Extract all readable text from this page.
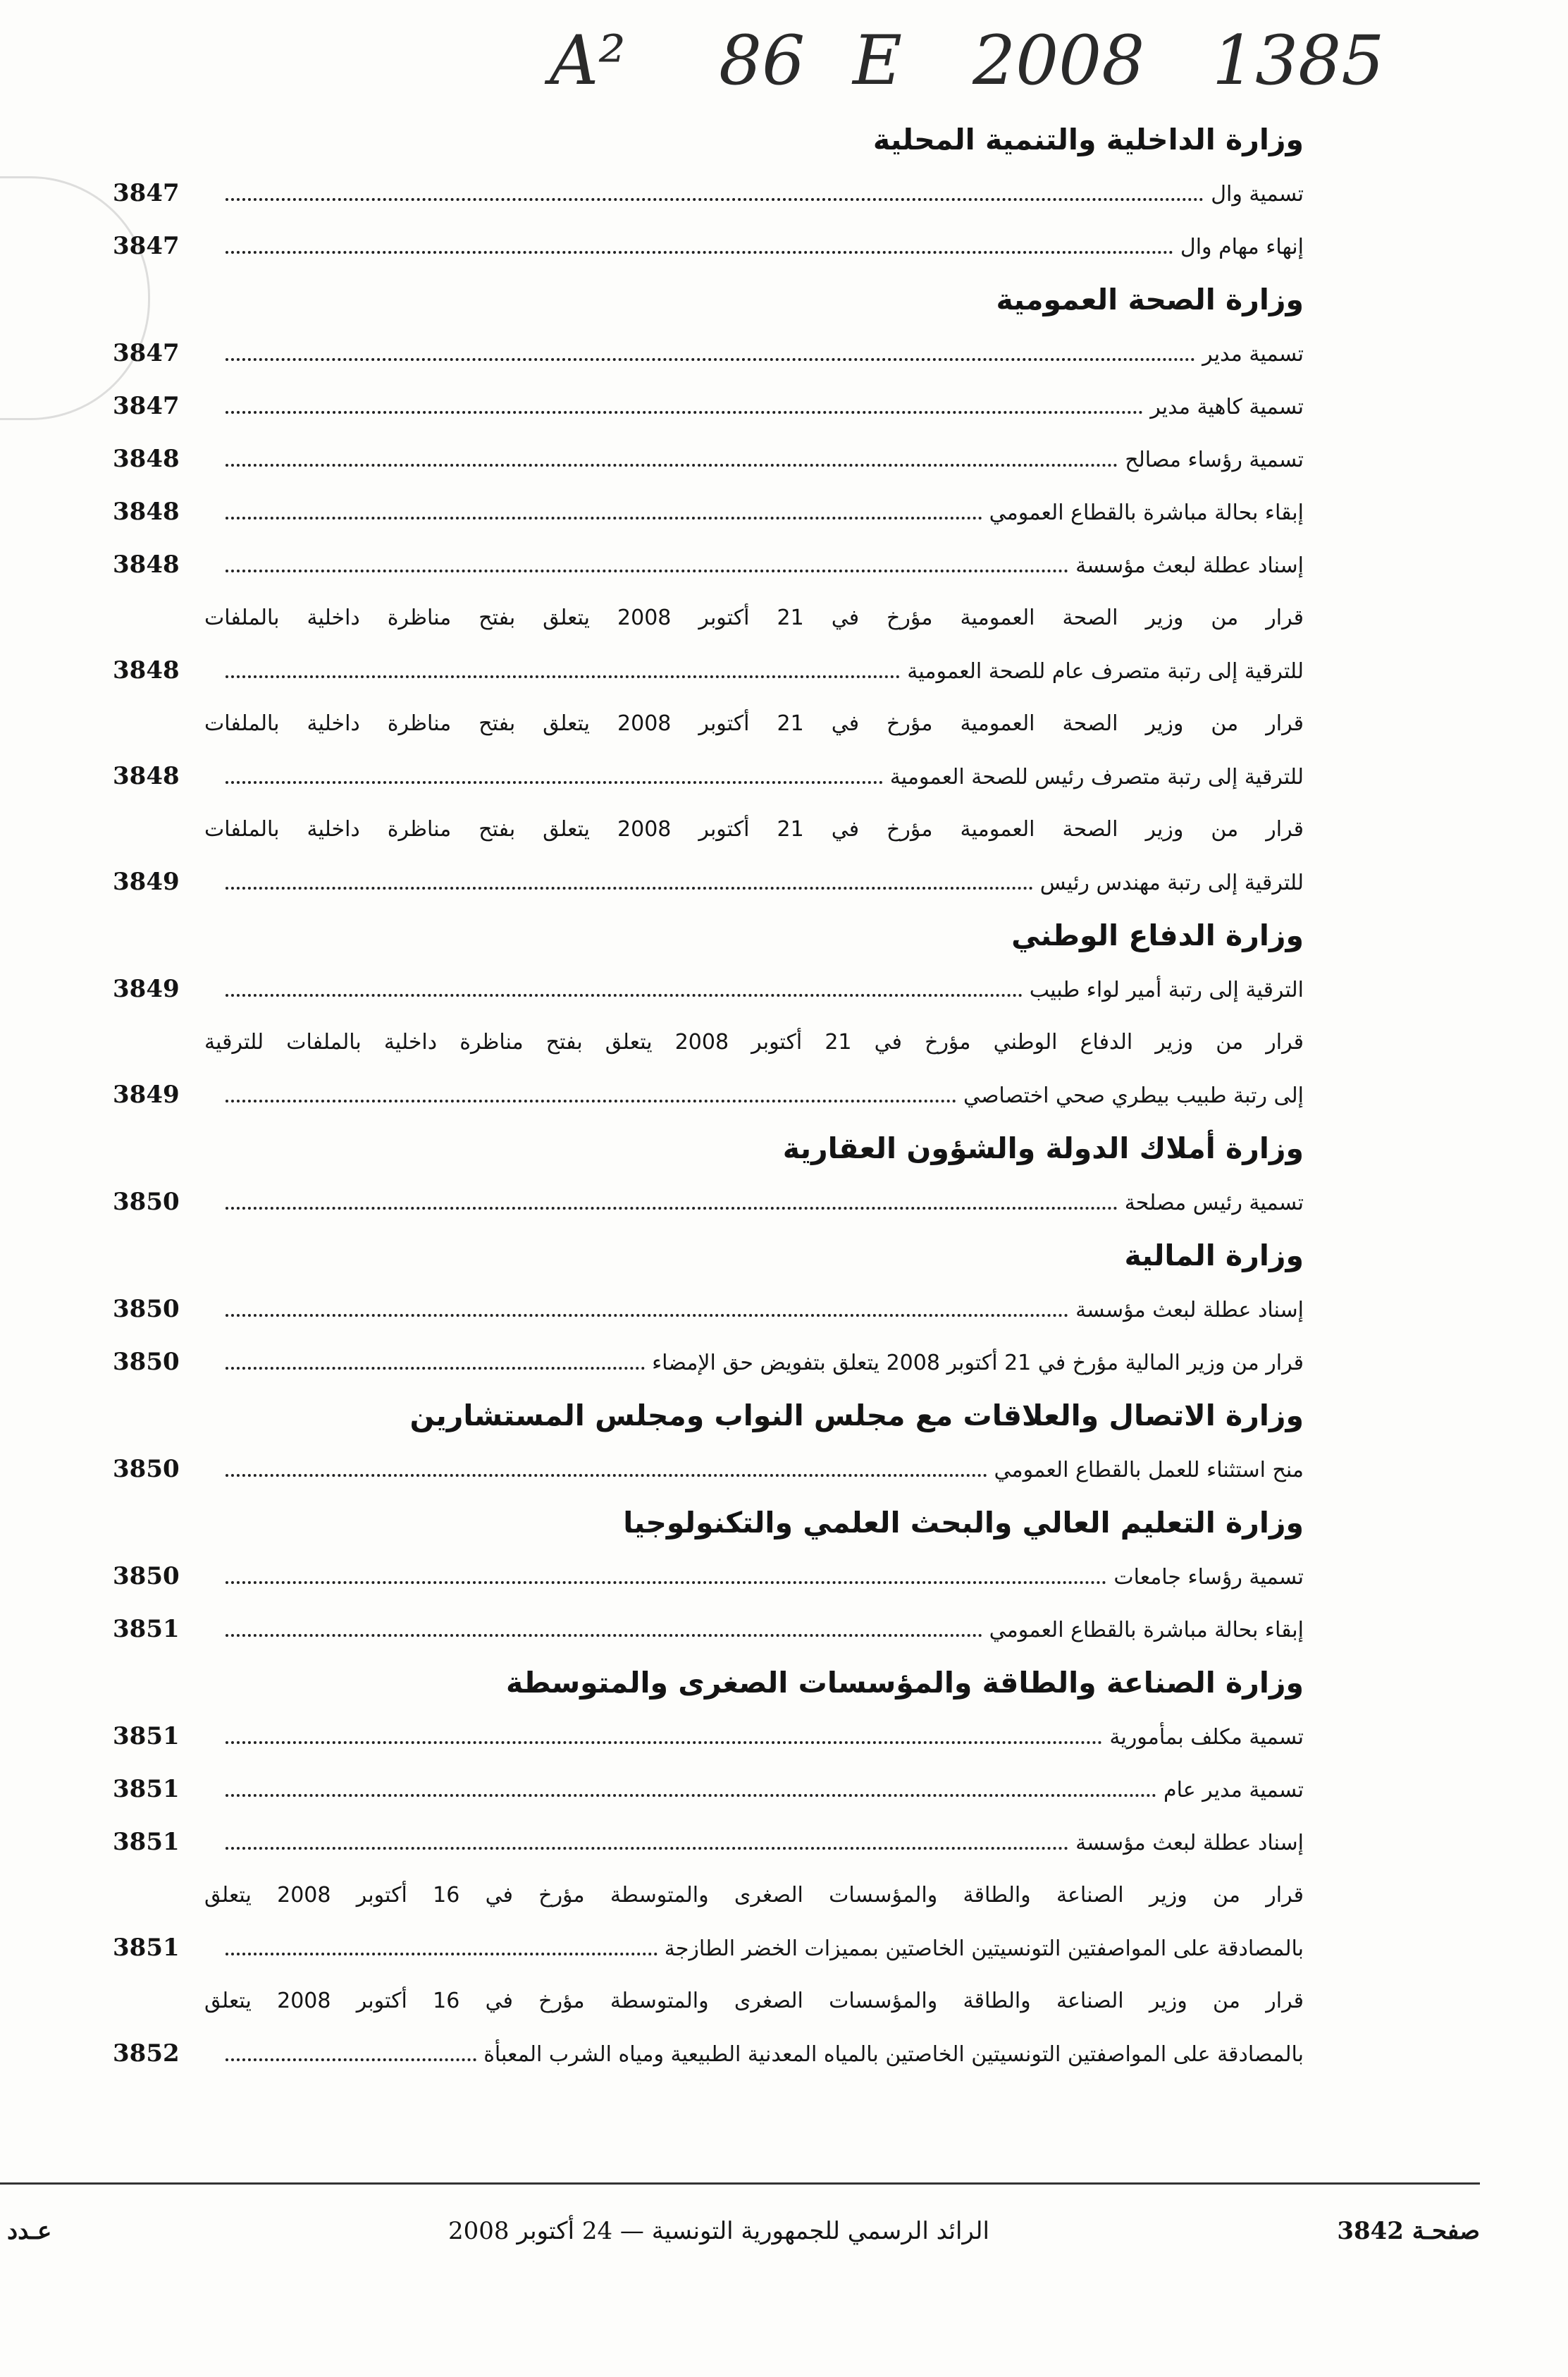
A² 86 E 2008 1385
وزارة الداخلية والتنمية المحلية
تسمية وال
3847
إنهاء مهام وال
3847
وزارة الصحة العمومية
تسمية مدير
3847
تسمية كاهية مدير
3847
تسمية رؤساء مصالح
3848
إبقاء بحالة مباشرة بالقطاع العمومي
3848
إسناد عطلة لبعث مؤسسة
3848
قرار من وزير الصحة العمومية مؤرخ في 21 أكتوبر 2008 يتعلق بفتح مناظرة داخلية بالملفات
للترقية إلى رتبة متصرف عام للصحة العمومية
3848
قرار من وزير الصحة العمومية مؤرخ في 21 أكتوبر 2008 يتعلق بفتح مناظرة داخلية بالملفات
للترقية إلى رتبة متصرف رئيس للصحة العمومية
3848
قرار من وزير الصحة العمومية مؤرخ في 21 أكتوبر 2008 يتعلق بفتح مناظرة داخلية بالملفات
للترقية إلى رتبة مهندس رئيس
3849
وزارة الدفاع الوطني
الترقية إلى رتبة أمير لواء طبيب
3849
قرار من وزير الدفاع الوطني مؤرخ في 21 أكتوبر 2008 يتعلق بفتح مناظرة داخلية بالملفات للترقية
إلى رتبة طبيب بيطري صحي اختصاصي
3849
وزارة أملاك الدولة والشؤون العقارية
تسمية رئيس مصلحة
3850
وزارة المالية
إسناد عطلة لبعث مؤسسة
3850
قرار من وزير المالية مؤرخ في 21 أكتوبر 2008 يتعلق بتفويض حق الإمضاء
3850
وزارة الاتصال والعلاقات مع مجلس النواب ومجلس المستشارين
منح استثناء للعمل بالقطاع العمومي
3850
وزارة التعليم العالي والبحث العلمي والتكنولوجيا
تسمية رؤساء جامعات
3850
إبقاء بحالة مباشرة بالقطاع العمومي
3851
وزارة الصناعة والطاقة والمؤسسات الصغرى والمتوسطة
تسمية مكلف بمأمورية
3851
تسمية مدير عام
3851
إسناد عطلة لبعث مؤسسة
3851
قرار من وزير الصناعة والطاقة والمؤسسات الصغرى والمتوسطة مؤرخ في 16 أكتوبر 2008 يتعلق
بالمصادقة على المواصفتين التونسيتين الخاصتين بمميزات الخضر الطازجة
3851
قرار من وزير الصناعة والطاقة والمؤسسات الصغرى والمتوسطة مؤرخ في 16 أكتوبر 2008 يتعلق
بالمصادقة على المواصفتين التونسيتين الخاصتين بالمياه المعدنية الطبيعية ومياه الشرب المعبأة
3852
صفحـة 3842
الرائد الرسمي للجمهورية التونسية — 24 أكتوبر 2008
عـدد
